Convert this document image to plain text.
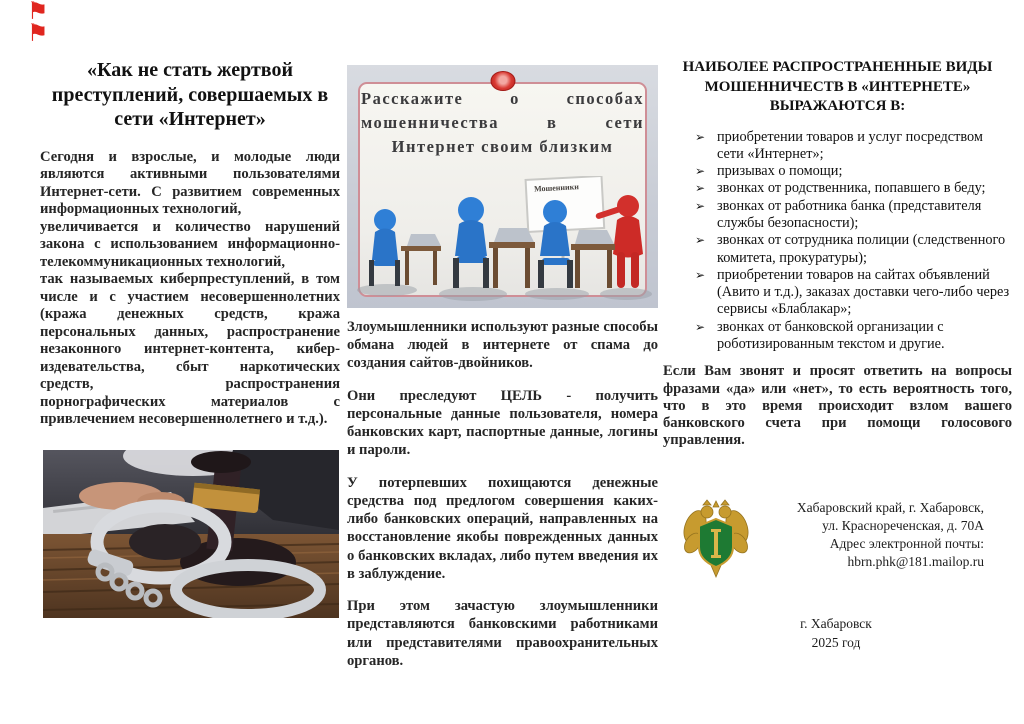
⚑
⚑
«Как не стать жертвой преступлений, совершаемых в сети «Интернет»

Сегодня и взрослые, и молодые люди являются активными пользователями Интернет-сети. С развитием современных информационных технологий,

увеличивается и количество нарушений закона с использованием информационно-телекоммуникационных технологий,

так называемых киберпреступлений, в том числе и с участием несовершеннолетних (кража денежных средств, кража персональных данных, распространение незаконного интернет-контента, кибер-издевательства, сбыт наркотических средств, распространения порнографических материалов с привлечением несовершеннолетнего и т.д.).

Расскажите о способах мошенничества в сети Интернет своим близким
Мошенники

Злоумышленники используют разные способы обмана людей в интернете от спама до создания сайтов-двойников.

Они преследуют ЦЕЛЬ - получить персональные данные пользователя, номера банковских карт, паспортные данные, логины и пароли.

У потерпевших похищаются денежные средства под предлогом совершения каких-либо банковских операций, направленных на восстановление якобы поврежденных данных о банковских вкладах, либо путем введения их в заблуждение.

При этом зачастую злоумышленники представляются банковскими работниками или представителями правоохранительных органов.

НАИБОЛЕЕ РАСПРОСТРАНЕННЫЕ ВИДЫ МОШЕННИЧЕСТВ В «ИНТЕРНЕТЕ» ВЫРАЖАЮТСЯ В:
➢ приобретении товаров и услуг посредством сети «Интернет»;
➢ призывах о помощи;
➢ звонках от родственника, попавшего в беду;
➢ звонках от работника банка (представителя службы безопасности);
➢ звонках от сотрудника полиции (следственного комитета, прокуратуры);
➢ приобретении товаров на сайтах объявлений (Авито и т.д.), заказах доставки чего-либо через сервисы «Блаблакар»;
➢ звонках от банковской организации с роботизированным текстом и другие.

Если Вам звонят и просят ответить на вопросы фразами «да» или «нет», то есть вероятность того, что в это время происходит взлом вашего банковского счета при помощи голосового управления.

Хабаровский край, г. Хабаровск,
ул. Краснореченская, д. 70А
Адрес электронной почты:
hbrn.phk@181.mailop.ru
г. Хабаровск
2025 год
